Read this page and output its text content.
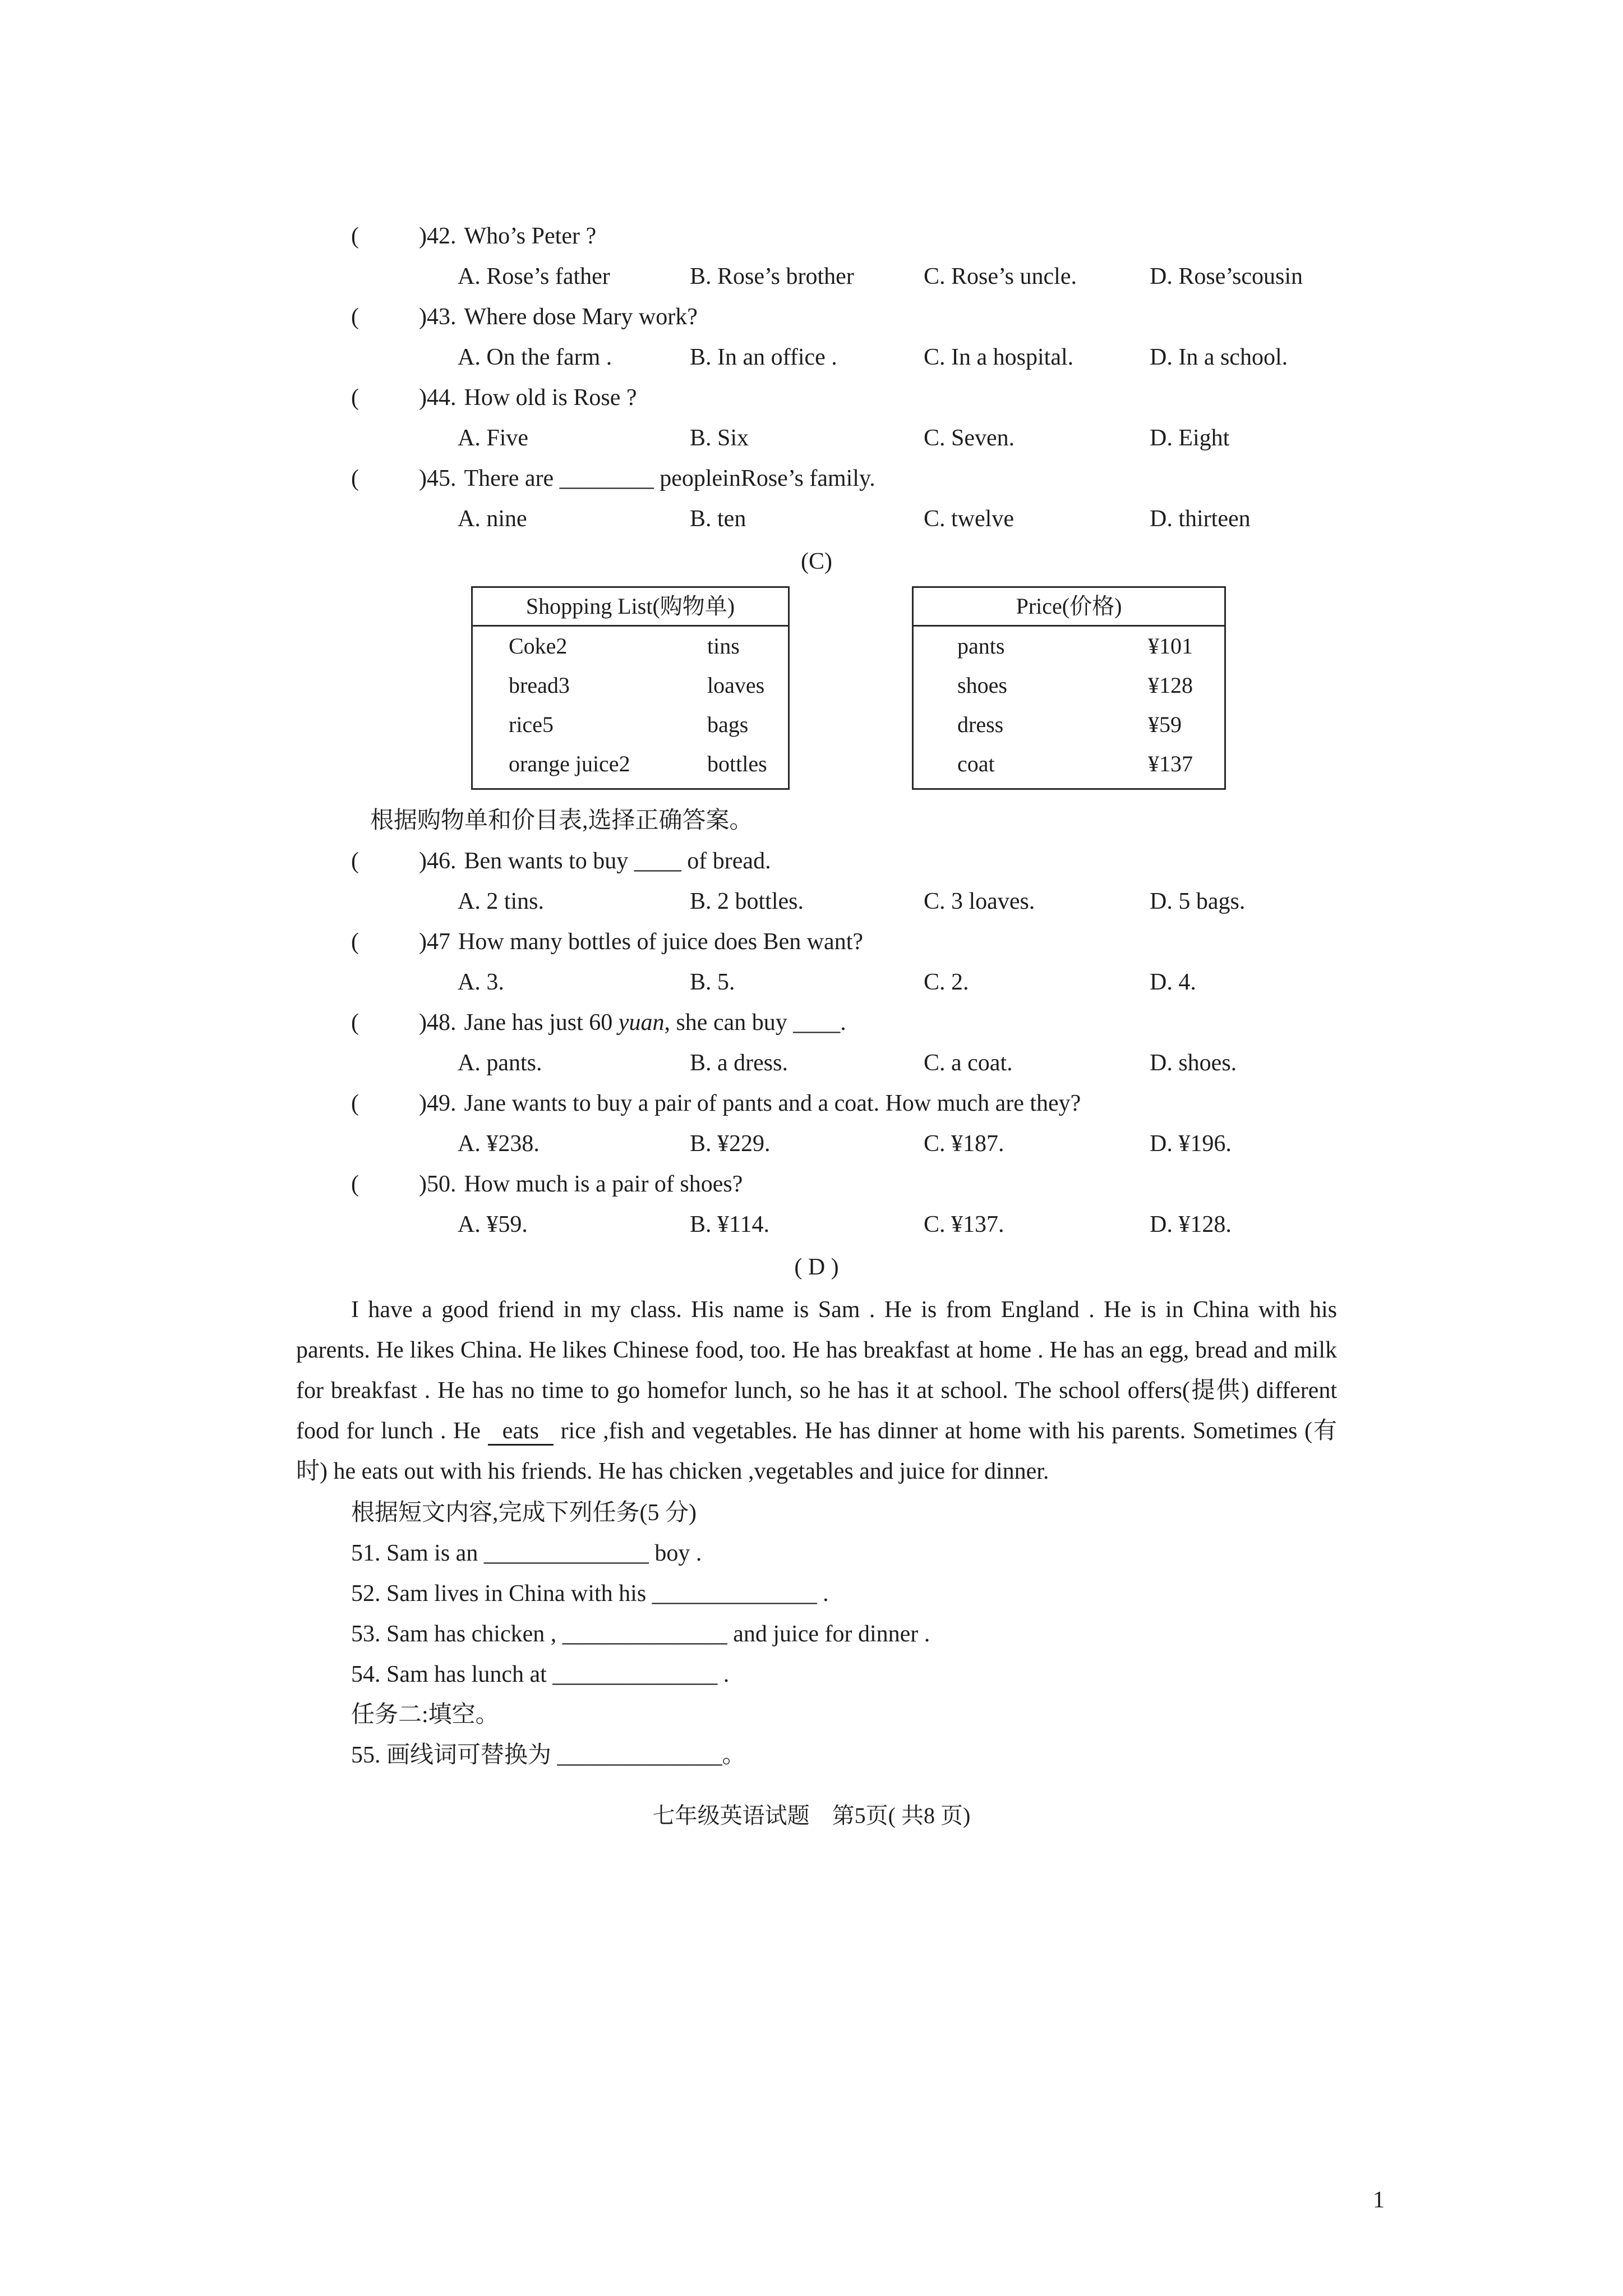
(	)42. Who’s Peter ?
A. Rose’s father	B. Rose’s brother	C. Rose’s uncle.	D. Rose’scousin
(	)43. Where dose Mary work?
A. On the farm .	B. In an office .	C. In a hospital.	D. In a school.
(	)44. How old is Rose ?
A. Five	B. Six	C. Seven.	D. Eight
(	)45. There are ________ peopleinRose’s family.
A. nine	B. ten	C. twelve	D. thirteen
(C)
Shopping List(购物单)
Coke2	tins
bread3	loaves
rice5	bags
orange juice2	bottles
Price(价格)
pants	¥101
shoes	¥128
dress	¥59
coat	¥137
根据购物单和价目表,选择正确答案。
(	)46. Ben wants to buy ____ of bread.
A. 2 tins.	B. 2 bottles.	C. 3 loaves.	D. 5 bags.
(	)47 How many bottles of juice does Ben want?
A. 3.	B. 5.	C. 2.	D. 4.
(	)48. Jane has just 60 yuan, she can buy ____.
A. pants.	B. a dress.	C. a coat.	D. shoes.
(	)49. Jane wants to buy a pair of pants and a coat. How much are they?
A. ¥238.	B. ¥229.	C. ¥187.	D. ¥196.
(	)50. How much is a pair of shoes?
A. ¥59.	B. ¥114.	C. ¥137.	D. ¥128.
( D )

I have a good friend in my class. His name is Sam . He is from England . He is in China with his parents. He likes China. He likes Chinese food, too. He has breakfast at home . He has an egg, bread and milk for breakfast . He has no time to go homefor lunch, so he has it at school. The school offers(提供) different food for lunch . He eats rice ,fish and vegetables. He has dinner at home with his parents. Sometimes (有时) he eats out with his friends. He has chicken ,vegetables and juice for dinner.

根据短文内容,完成下列任务(5 分)
51. Sam is an ______________ boy .
52. Sam lives in China with his ______________ .
53. Sam has chicken , ______________ and juice for dinner .
54. Sam has lunch at ______________ .
任务二:填空。
55. 画线词可替换为 ______________。
七年级英语试题　第5页( 共8 页)
1
